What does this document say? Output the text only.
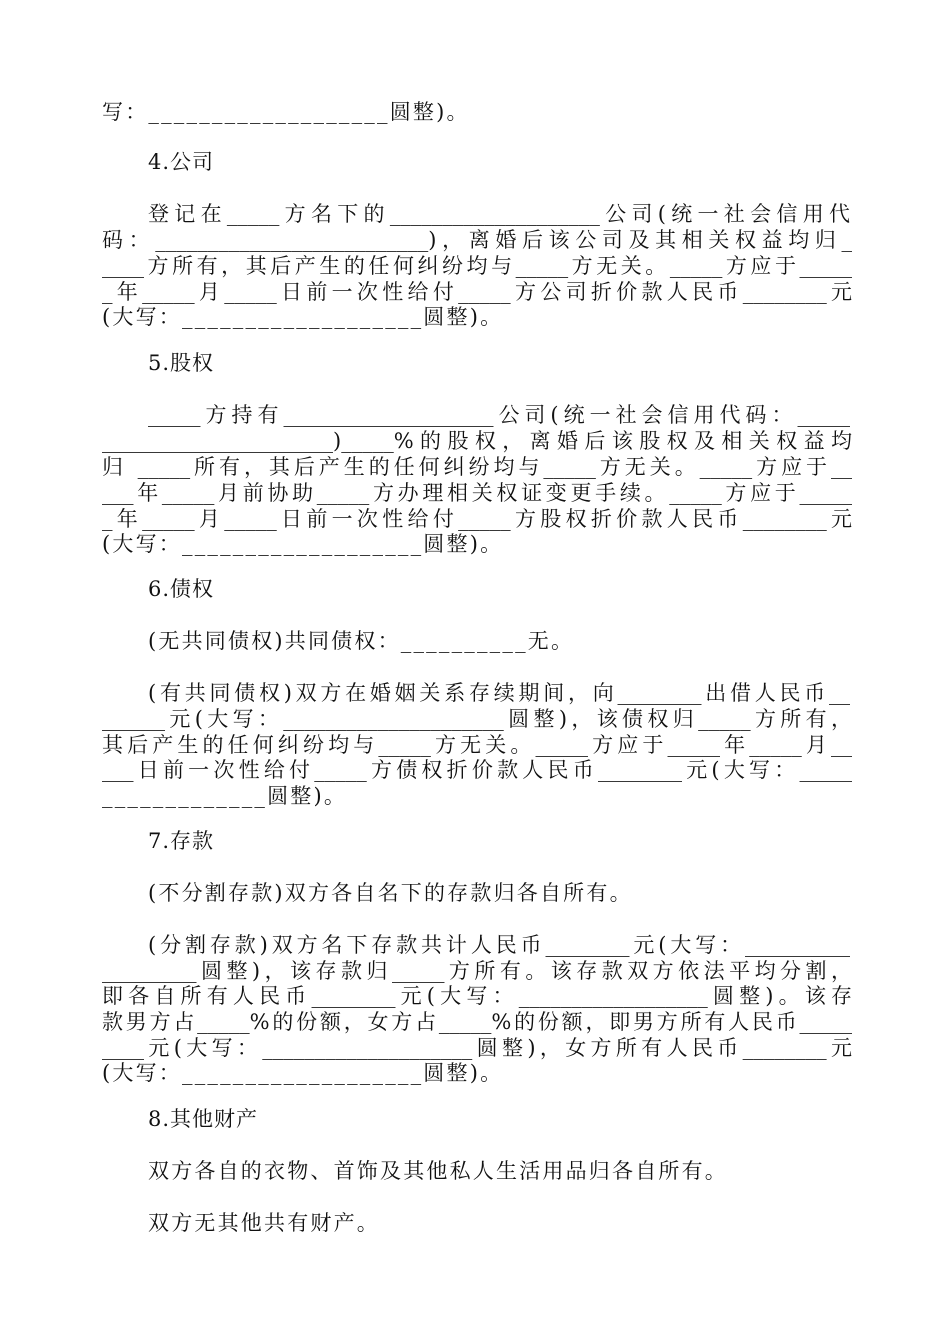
写：___________________圆整)。
4.公司
登记在_____方名下的____________________公司(统一社会信用代
码：__________________________)，离婚后该公司及其相关权益均归_
____方所有，其后产生的任何纠纷均与_____方无关。_____方应于_____
_年_____月_____日前一次性给付_____方公司折价款人民币________元
(大写：___________________圆整)。
5.股权
_____方持有____________________公司(统一社会信用代码：_____
______________________)_____%的股权，离婚后该股权及相关权益均
归 _____所有，其后产生的任何纠纷均与_____方无关。_____方应于__
___年_____月前协助_____方办理相关权证变更手续。_____方应于_____
_年_____月_____日前一次性给付_____方股权折价款人民币________元
(大写：___________________圆整)。
6.债权
(无共同债权)共同债权：__________无。
(有共同债权)双方在婚姻关系存续期间，向________出借人民币__
______元(大写：_____________________圆整)，该债权归_____方所有，
其后产生的任何纠纷均与_____方无关。_____方应于_____年_____月__
___日前一次性给付_____方债权折价款人民币________元(大写：_____
_____________圆整)。
7.存款
(不分割存款)双方各自名下的存款归各自所有。
(分割存款)双方名下存款共计人民币________元(大写：__________
_________圆整)，该存款归_____方所有。该存款双方依法平均分割，
即各自所有人民币________元(大写：__________________圆整)。该存
款男方占_____%的份额，女方占_____%的份额，即男方所有人民币_____
____元(大写：____________________圆整)，女方所有人民币________元
(大写：___________________圆整)。
8.其他财产
双方各自的衣物、首饰及其他私人生活用品归各自所有。
双方无其他共有财产。
